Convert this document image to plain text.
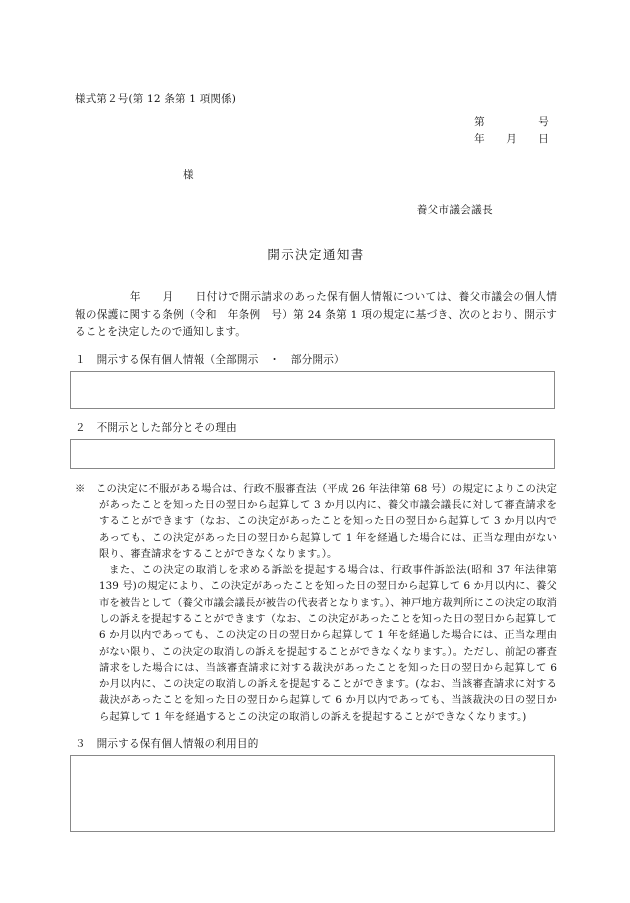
様式第２号(第 12 条第 1 項関係)
第　　　　　号
年　　月　　日
様
養父市議会議長
開示決定通知書
　　　　　年　　月　　日付けで開示請求のあった保有個人情報については、養父市議会の個人情報の保護に関する条例（令和　年条例　号）第 24 条第 1 項の規定に基づき、次のとおり、開示することを決定したので通知します。
１　開示する保有個人情報（全部開示　・　部分開示）
２　不開示とした部分とその理由

※　この決定に不服がある場合は、行政不服審査法（平成 26 年法律第 68 号）の規定によりこの決定があったことを知った日の翌日から起算して 3 か月以内に、養父市議会議長に対して審査請求をすることができます（なお、この決定があったことを知った日の翌日から起算して 3 か月以内であっても、この決定があった日の翌日から起算して 1 年を経過した場合には、正当な理由がない限り、審査請求をすることができなくなります。）。

また、この決定の取消しを求める訴訟を提起する場合は、行政事件訴訟法(昭和 37 年法律第 139 号)の規定により、この決定があったことを知った日の翌日から起算して 6 か月以内に、養父市を被告として（養父市議会議長が被告の代表者となります。）、神戸地方裁判所にこの決定の取消しの訴えを提起することができます（なお、この決定があったことを知った日の翌日から起算して 6 か月以内であっても、この決定の日の翌日から起算して 1 年を経過した場合には、正当な理由がない限り、この決定の取消しの訴えを提起することができなくなります。）。ただし、前記の審査請求をした場合には、当該審査請求に対する裁決があったことを知った日の翌日から起算して 6 か月以内に、この決定の取消しの訴えを提起することができます。(なお、当該審査請求に対する裁決があったことを知った日の翌日から起算して 6 か月以内であっても、当該裁決の日の翌日から起算して 1 年を経過するとこの決定の取消しの訴えを提起することができなくなります。)

３　開示する保有個人情報の利用目的
